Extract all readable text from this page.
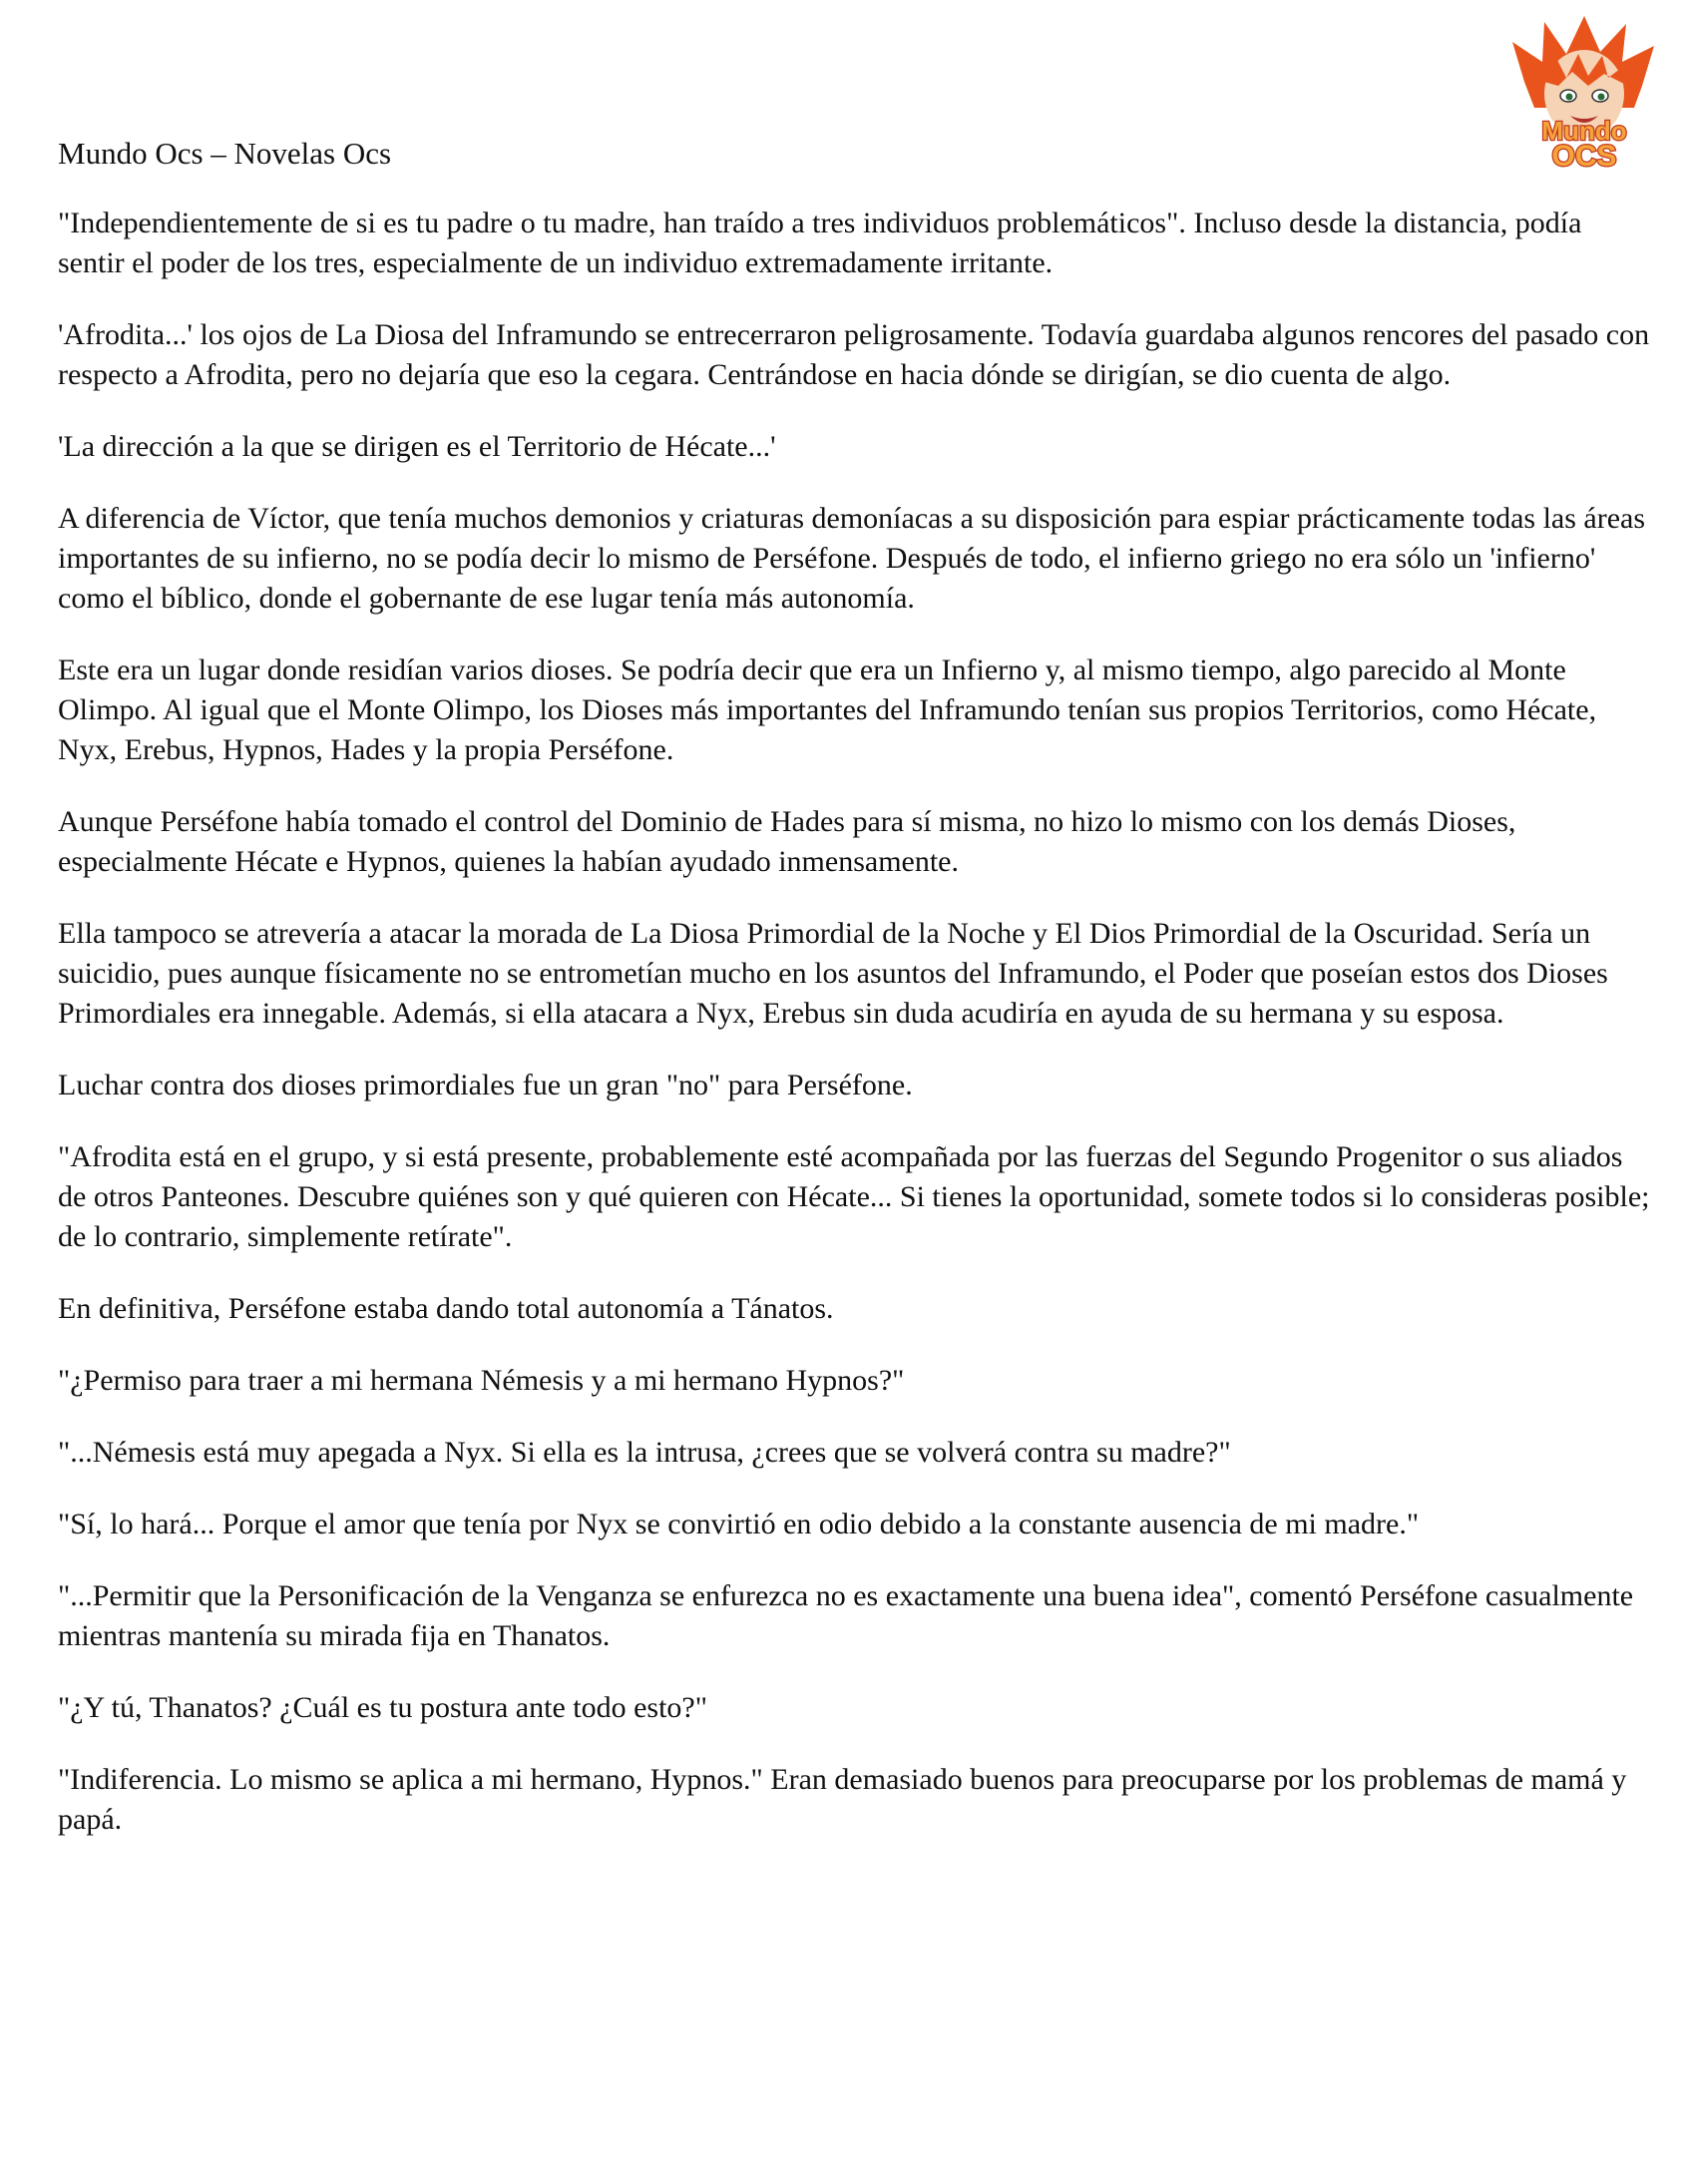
Mundo
OCS
Mundo Ocs – Novelas Ocs

"Independientemente de si es tu padre o tu madre, han traído a tres individuos problemáticos". Incluso desde la distancia, podía sentir el poder de los tres, especialmente de un individuo extremadamente irritante.

'Afrodita...' los ojos de La Diosa del Inframundo se entrecerraron peligrosamente. Todavía guardaba algunos rencores del pasado con respecto a Afrodita, pero no dejaría que eso la cegara. Centrándose en hacia dónde se dirigían, se dio cuenta de algo.

'La dirección a la que se dirigen es el Territorio de Hécate...'

A diferencia de Víctor, que tenía muchos demonios y criaturas demoníacas a su disposición para espiar prácticamente todas las áreas importantes de su infierno, no se podía decir lo mismo de Perséfone. Después de todo, el infierno griego no era sólo un 'infierno' como el bíblico, donde el gobernante de ese lugar tenía más autonomía.

Este era un lugar donde residían varios dioses. Se podría decir que era un Infierno y, al mismo tiempo, algo parecido al Monte Olimpo. Al igual que el Monte Olimpo, los Dioses más importantes del Inframundo tenían sus propios Territorios, como Hécate, Nyx, Erebus, Hypnos, Hades y la propia Perséfone.

Aunque Perséfone había tomado el control del Dominio de Hades para sí misma, no hizo lo mismo con los demás Dioses, especialmente Hécate e Hypnos, quienes la habían ayudado inmensamente.

Ella tampoco se atrevería a atacar la morada de La Diosa Primordial de la Noche y El Dios Primordial de la Oscuridad. Sería un suicidio, pues aunque físicamente no se entrometían mucho en los asuntos del Inframundo, el Poder que poseían estos dos Dioses Primordiales era innegable. Además, si ella atacara a Nyx, Erebus sin duda acudiría en ayuda de su hermana y su esposa.

Luchar contra dos dioses primordiales fue un gran "no" para Perséfone.

"Afrodita está en el grupo, y si está presente, probablemente esté acompañada por las fuerzas del Segundo Progenitor o sus aliados de otros Panteones. Descubre quiénes son y qué quieren con Hécate... Si tienes la oportunidad, somete todos si lo consideras posible; de lo contrario, simplemente retírate".

En definitiva, Perséfone estaba dando total autonomía a Tánatos.

"¿Permiso para traer a mi hermana Némesis y a mi hermano Hypnos?"

"...Némesis está muy apegada a Nyx. Si ella es la intrusa, ¿crees que se volverá contra su madre?"

"Sí, lo hará... Porque el amor que tenía por Nyx se convirtió en odio debido a la constante ausencia de mi madre."

"...Permitir que la Personificación de la Venganza se enfurezca no es exactamente una buena idea", comentó Perséfone casualmente mientras mantenía su mirada fija en Thanatos.

"¿Y tú, Thanatos? ¿Cuál es tu postura ante todo esto?"

"Indiferencia. Lo mismo se aplica a mi hermano, Hypnos." Eran demasiado buenos para preocuparse por los problemas de mamá y papá.
